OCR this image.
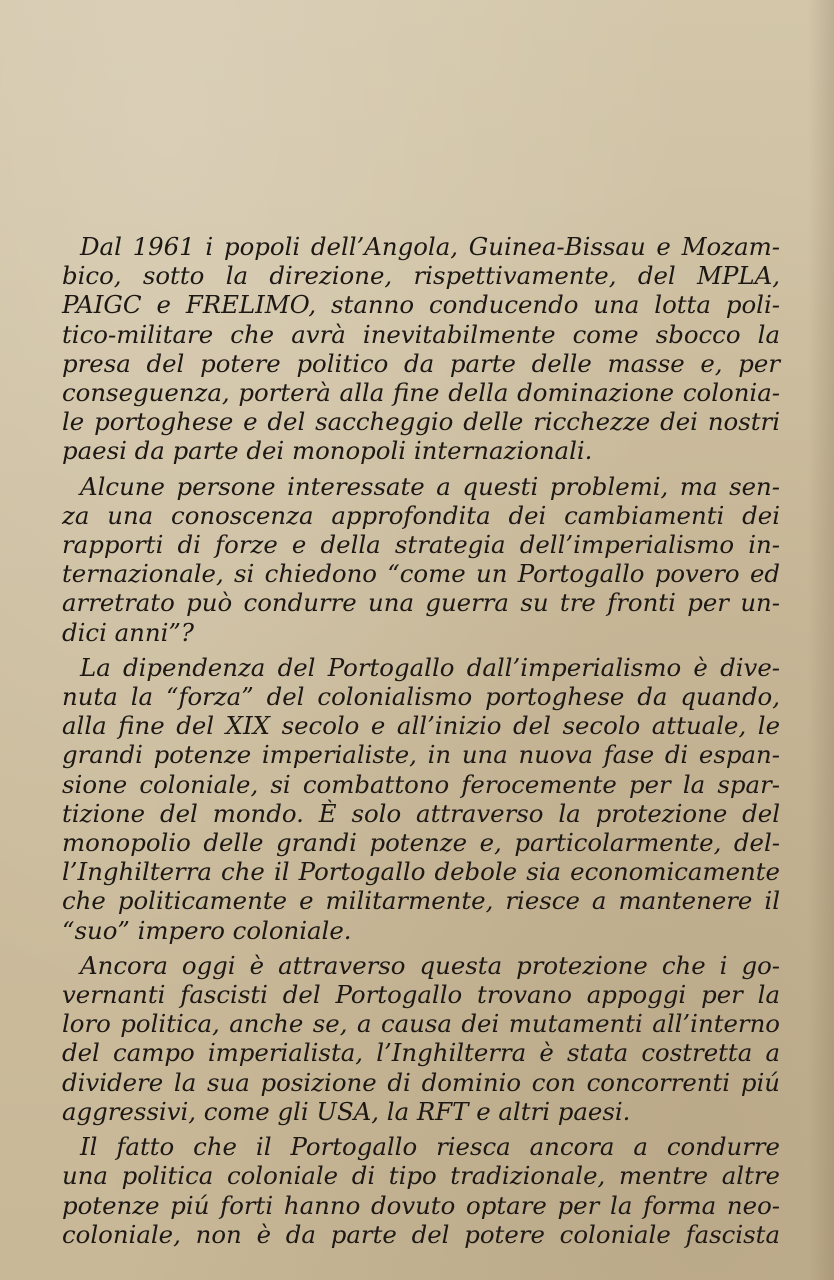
Dal 1961 i popoli dell’Angola, Guinea-Bissau e Mozam-
bico, sotto la direzione, rispettivamente, del MPLA,
PAIGC e FRELIMO, stanno conducendo una lotta poli-
tico-militare che avrà inevitabilmente come sbocco la
presa del potere politico da parte delle masse e, per
conseguenza, porterà alla fine della dominazione colonia-
le portoghese e del saccheggio delle ricchezze dei nostri
paesi da parte dei monopoli internazionali.

Alcune persone interessate a questi problemi, ma sen-
za una conoscenza approfondita dei cambiamenti dei
rapporti di forze e della strategia dell’imperialismo in-
ternazionale, si chiedono “come un Portogallo povero ed
arretrato può condurre una guerra su tre fronti per un-
dici anni”?

La dipendenza del Portogallo dall’imperialismo è dive-
nuta la “forza” del colonialismo portoghese da quando,
alla fine del XIX secolo e all’inizio del secolo attuale, le
grandi potenze imperialiste, in una nuova fase di espan-
sione coloniale, si combattono ferocemente per la spar-
tizione del mondo. È solo attraverso la protezione del
monopolio delle grandi potenze e, particolarmente, del-
l’Inghilterra che il Portogallo debole sia economicamente
che politicamente e militarmente, riesce a mantenere il
“suo” impero coloniale.

Ancora oggi è attraverso questa protezione che i go-
vernanti fascisti del Portogallo trovano appoggi per la
loro politica, anche se, a causa dei mutamenti all’interno
del campo imperialista, l’Inghilterra è stata costretta a
dividere la sua posizione di dominio con concorrenti piú
aggressivi, come gli USA, la RFT e altri paesi.

Il fatto che il Portogallo riesca ancora a condurre
una politica coloniale di tipo tradizionale, mentre altre
potenze piú forti hanno dovuto optare per la forma neo-
coloniale, non è da parte del potere coloniale fascista
